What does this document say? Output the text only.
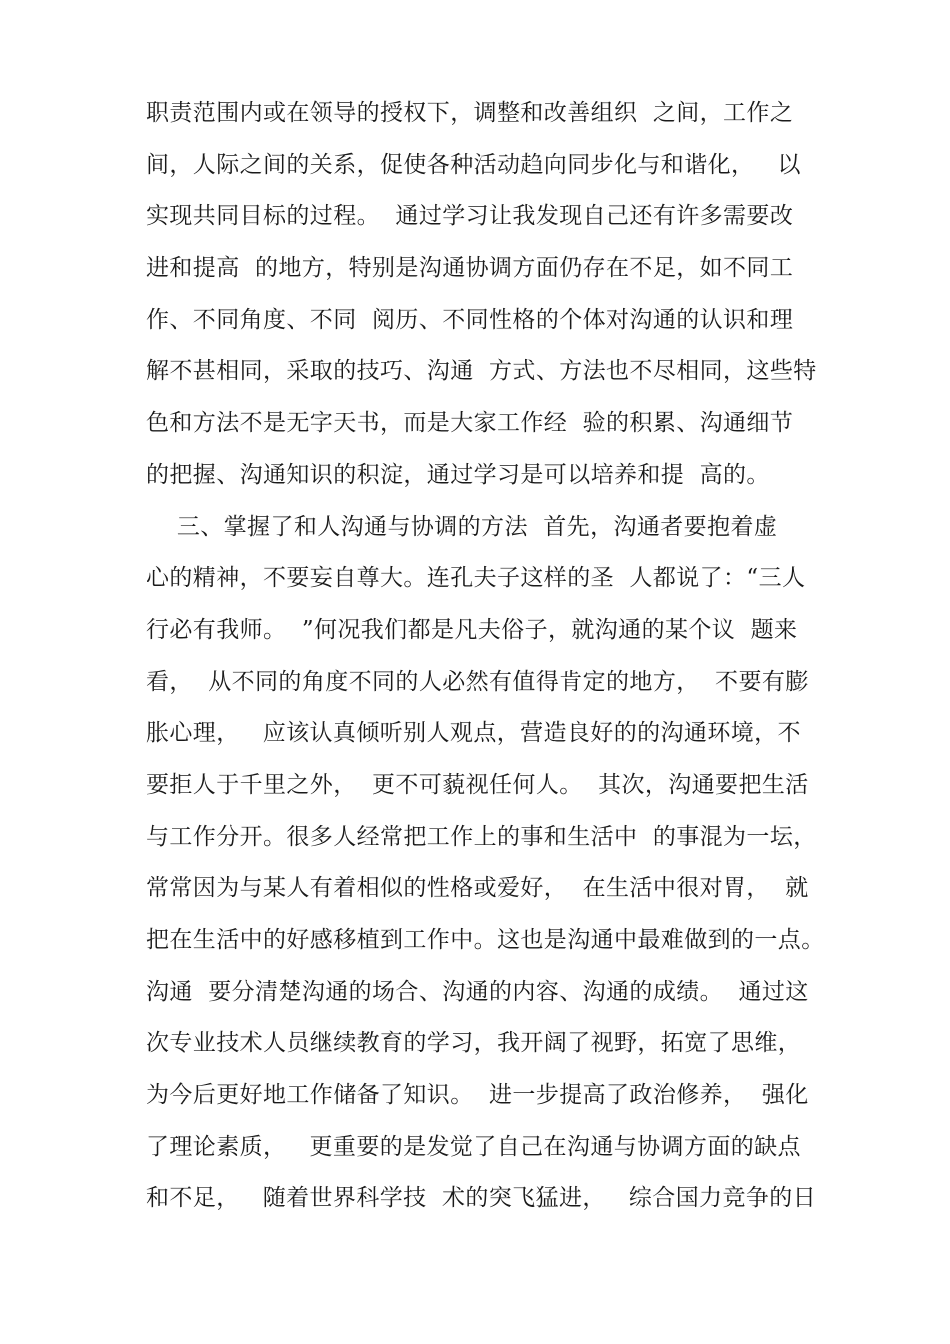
职责范围内或在领导的授权下，调整和改善组织  之间，工作之
间，人际之间的关系，促使各种活动趋向同步化与和谐化，   以
实现共同目标的过程。  通过学习让我发现自己还有许多需要改
进和提高  的地方，特别是沟通协调方面仍存在不足，如不同工
作、不同角度、不同  阅历、不同性格的个体对沟通的认识和理
解不甚相同，采取的技巧、沟通  方式、方法也不尽相同，这些特
色和方法不是无字天书，而是大家工作经  验的积累、沟通细节
的把握、沟通知识的积淀，通过学习是可以培养和提  高的。
三、掌握了和人沟通与协调的方法  首先，沟通者要抱着虚
心的精神，不要妄自尊大。连孔夫子这样的圣  人都说了：“三人
行必有我师。  ”何况我们都是凡夫俗子，就沟通的某个议  题来
看，  从不同的角度不同的人必然有值得肯定的地方，  不要有膨
胀心理，   应该认真倾听别人观点，营造良好的的沟通环境，不
要拒人于千里之外，  更不可藐视任何人。  其次，沟通要把生活
与工作分开。很多人经常把工作上的事和生活中  的事混为一坛，
常常因为与某人有着相似的性格或爱好，  在生活中很对胃，  就
把在生活中的好感移植到工作中。这也是沟通中最难做到的一点。
沟通  要分清楚沟通的场合、沟通的内容、沟通的成绩。  通过这
次专业技术人员继续教育的学习，我开阔了视野，拓宽了思维，
为今后更好地工作储备了知识。  进一步提高了政治修养，  强化
了理论素质，   更重要的是发觉了自己在沟通与协调方面的缺点
和不足，   随着世界科学技  术的突飞猛进，   综合国力竞争的日
